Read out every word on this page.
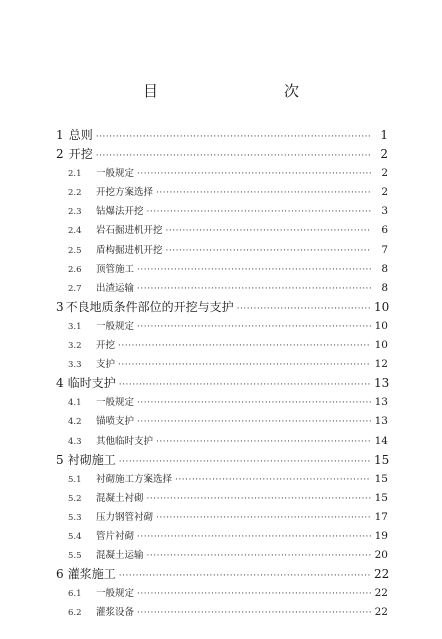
目　　次
1 总则 ·····	1
2 开挖 ·····	2
2.1	一般规定 ·····	2
2.2	开挖方案选择 ·····	2
2.3	钻爆法开挖 ·····	3
2.4	岩石掘进机开挖 ·····	6
2.5	盾构掘进机开挖 ·····	7
2.6	顶管施工 ·····	8
2.7	出渣运输 ·····	8
3 不良地质条件部位的开挖与支护 ·····	10
3.1	一般规定 ·····	10
3.2	开挖 ·····	10
3.3	支护 ·····	12
4 临时支护 ·····	13
4.1	一般规定 ·····	13
4.2	锚喷支护 ·····	13
4.3	其他临时支护 ·····	14
5 衬砌施工 ·····	15
5.1	衬砌施工方案选择 ·····	15
5.2	混凝土衬砌 ·····	15
5.3	压力钢管衬砌 ·····	17
5.4	管片衬砌 ·····	19
5.5	混凝土运输 ·····	20
6 灌浆施工 ·····	22
6.1	一般规定 ·····	22
6.2	灌浆设备 ·····	22
